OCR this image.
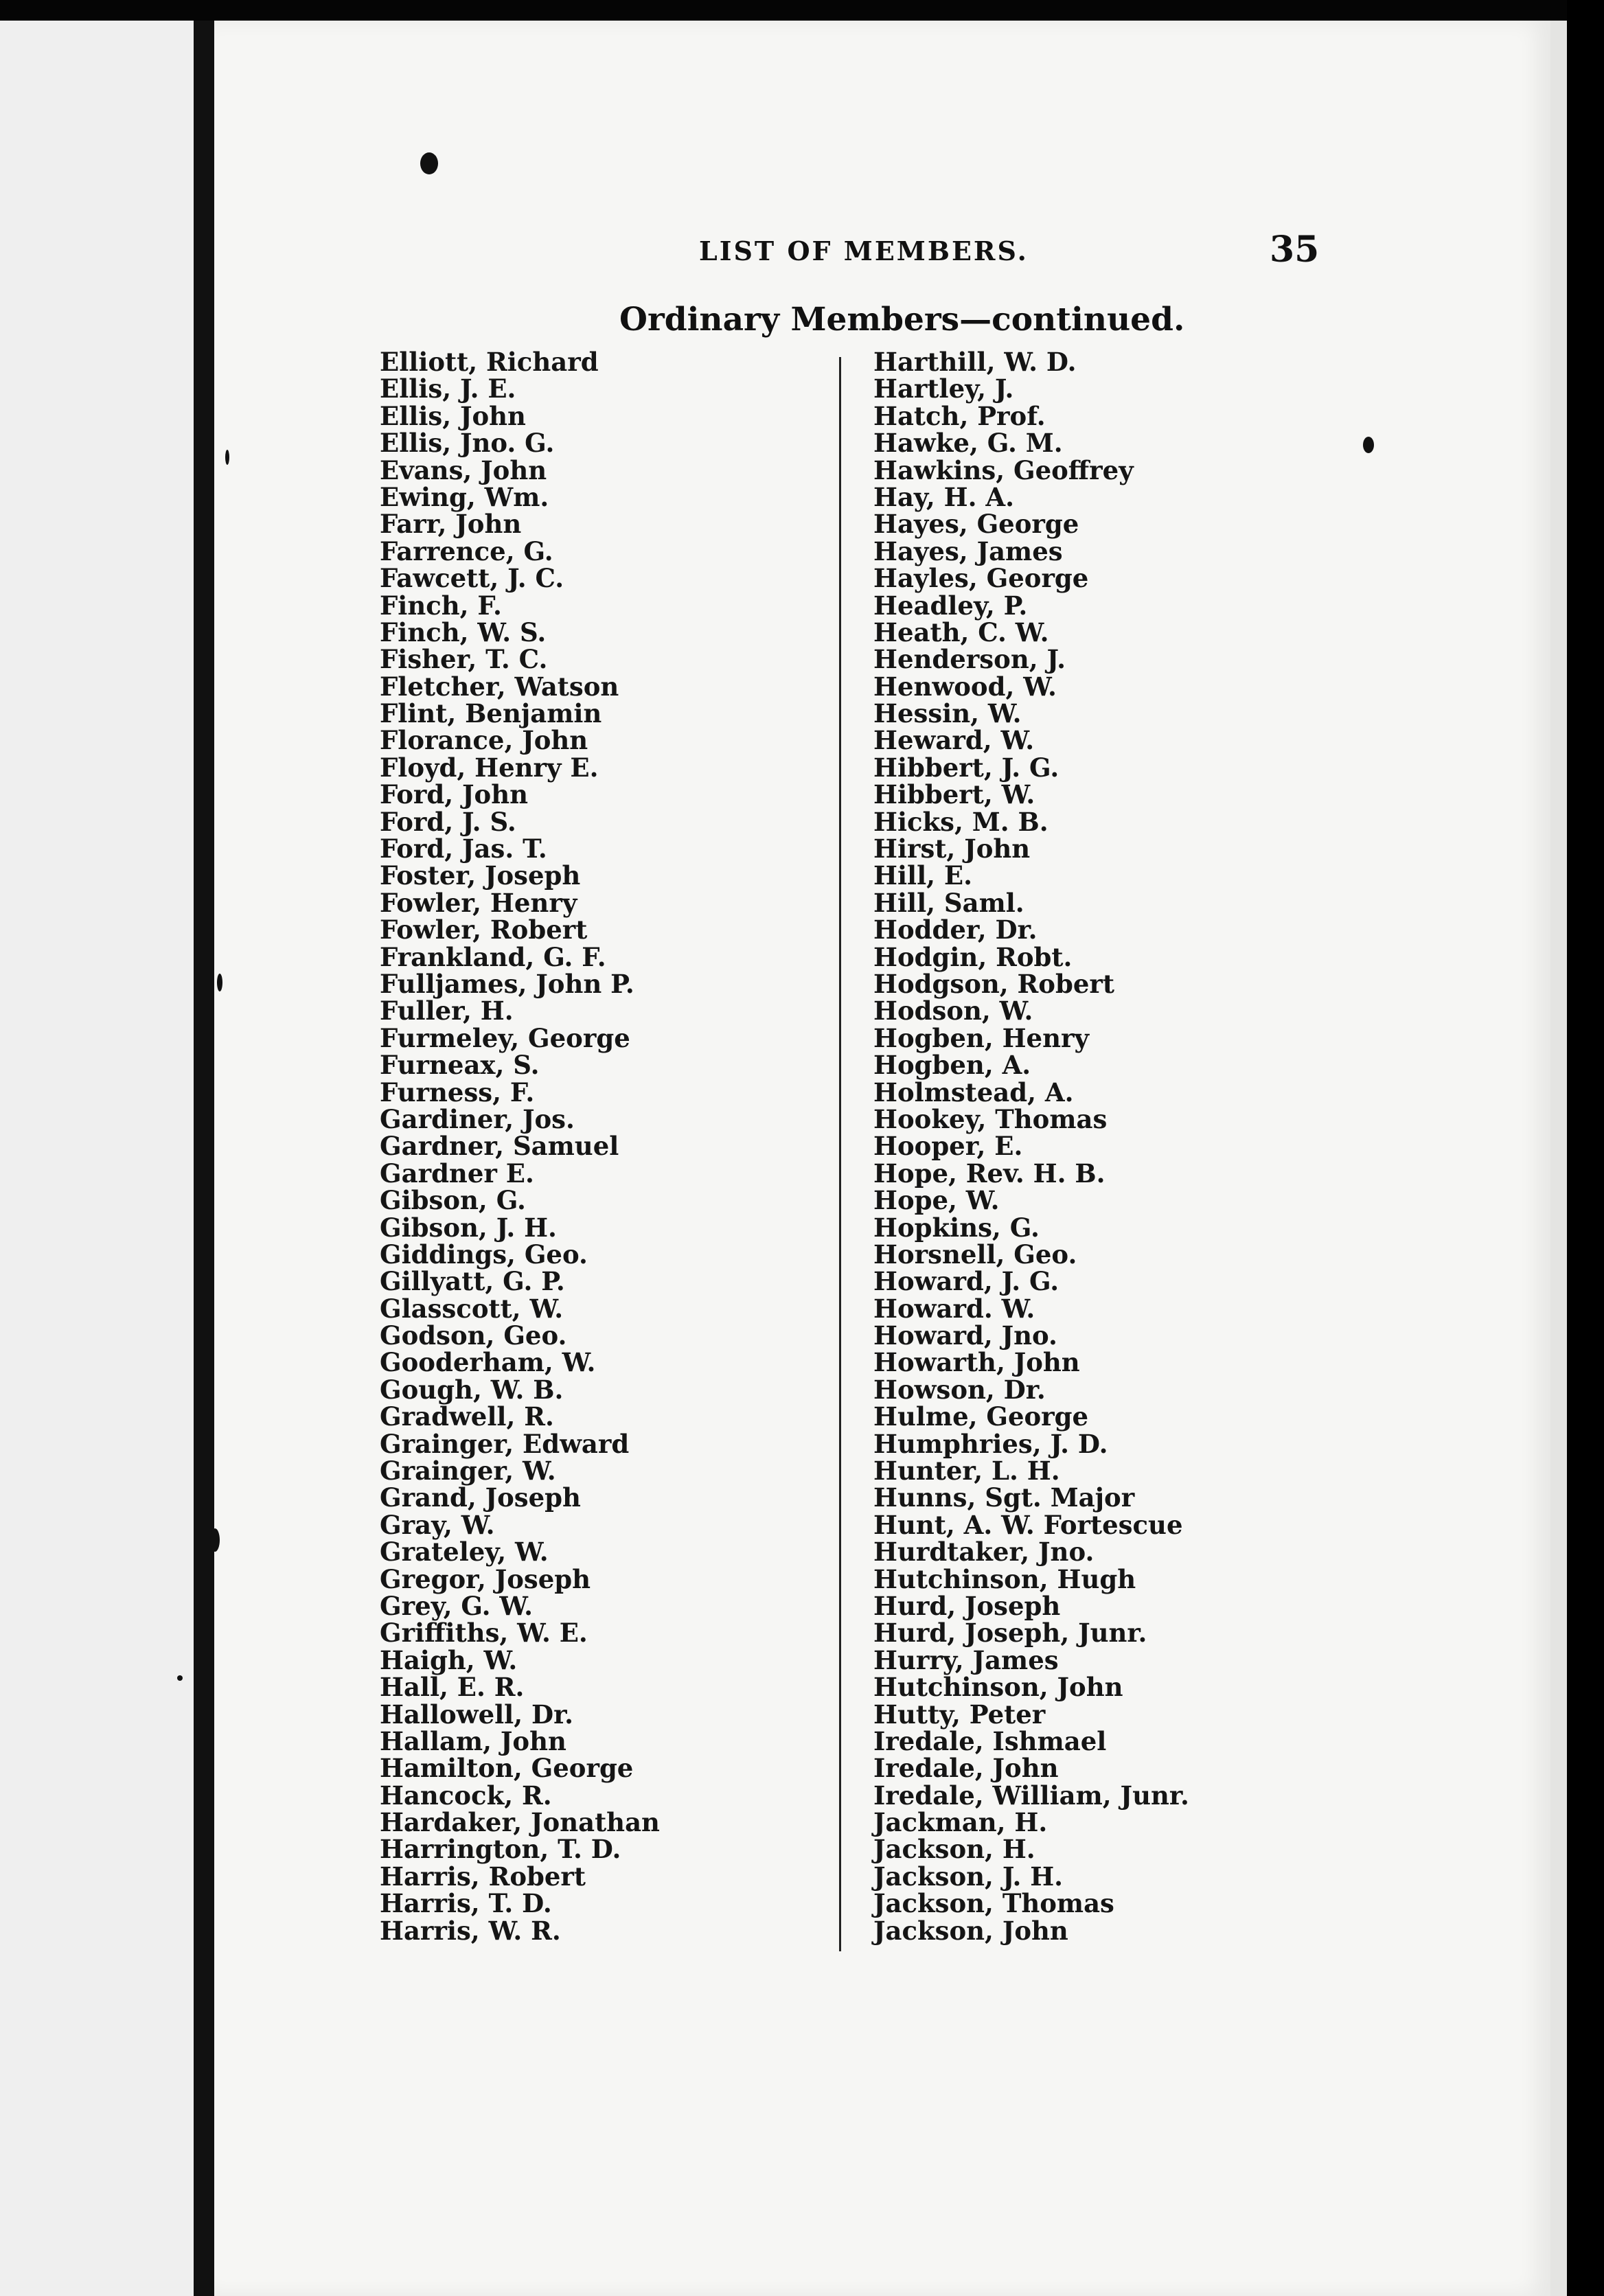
LIST OF MEMBERS.	35
Ordinary Members—continued.
Elliott, Richard
Ellis, J. E.
Ellis, John
Ellis, Jno. G.
Evans, John
Ewing, Wm.
Farr, John
Farrence, G.
Fawcett, J. C.
Finch, F.
Finch, W. S.
Fisher, T. C.
Fletcher, Watson
Flint, Benjamin
Florance, John
Floyd, Henry E.
Ford, John
Ford, J. S.
Ford, Jas. T.
Foster, Joseph
Fowler, Henry
Fowler, Robert
Frankland, G. F.
Fulljames, John P.
Fuller, H.
Furmeley, George
Furneax, S.
Furness, F.
Gardiner, Jos.
Gardner, Samuel
Gardner E.
Gibson, G.
Gibson, J. H.
Giddings, Geo.
Gillyatt, G. P.
Glasscott, W.
Godson, Geo.
Gooderham, W.
Gough, W. B.
Gradwell, R.
Grainger, Edward
Grainger, W.
Grand, Joseph
Gray, W.
Grateley, W.
Gregor, Joseph
Grey, G. W.
Griffiths, W. E.
Haigh, W.
Hall, E. R.
Hallowell, Dr.
Hallam, John
Hamilton, George
Hancock, R.
Hardaker, Jonathan
Harrington, T. D.
Harris, Robert
Harris, T. D.
Harris, W. R.
Harthill, W. D.
Hartley, J.
Hatch, Prof.
Hawke, G. M.
Hawkins, Geoffrey
Hay, H. A.
Hayes, George
Hayes, James
Hayles, George
Headley, P.
Heath, C. W.
Henderson, J.
Henwood, W.
Hessin, W.
Heward, W.
Hibbert, J. G.
Hibbert, W.
Hicks, M. B.
Hirst, John
Hill, E.
Hill, Saml.
Hodder, Dr.
Hodgin, Robt.
Hodgson, Robert
Hodson, W.
Hogben, Henry
Hogben, A.
Holmstead, A.
Hookey, Thomas
Hooper, E.
Hope, Rev. H. B.
Hope, W.
Hopkins, G.
Horsnell, Geo.
Howard, J. G.
Howard. W.
Howard, Jno.
Howarth, John
Howson, Dr.
Hulme, George
Humphries, J. D.
Hunter, L. H.
Hunns, Sgt. Major
Hunt, A. W. Fortescue
Hurdtaker, Jno.
Hutchinson, Hugh
Hurd, Joseph
Hurd, Joseph, Junr.
Hurry, James
Hutchinson, John
Hutty, Peter
Iredale, Ishmael
Iredale, John
Iredale, William, Junr.
Jackman, H.
Jackson, H.
Jackson, J. H.
Jackson, Thomas
Jackson, John
